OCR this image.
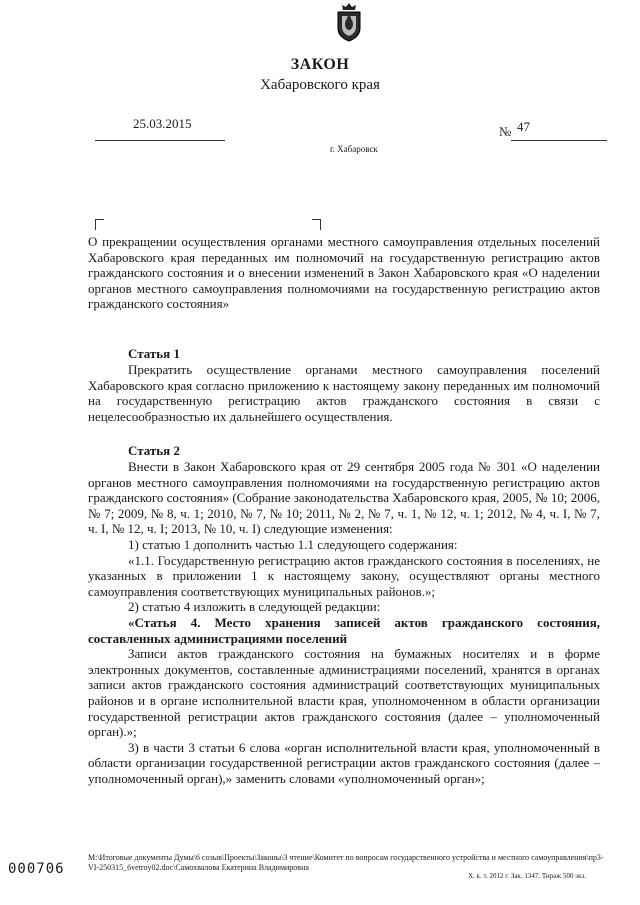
ЗАКОН
Хабаровского края
25.03.2015
№ 47
г. Хабаровск
О прекращении осуществления органами местного самоуправления отдельных поселений Хабаровского края переданных им полномочий на государственную регистрацию актов гражданского состояния и о внесении изменений в Закон Хабаровского края «О наделении органов местного самоуправления полномочиями на государственную регистрацию актов гражданского состояния»
Статья 1
Прекратить осуществление органами местного самоуправления поселений Хабаровского края согласно приложению к настоящему закону переданных им полномочий на государственную регистрацию актов гражданского состояния в связи с нецелесообразностью их дальнейшего осуществления.
Статья 2
Внести в Закон Хабаровского края от 29 сентября 2005 года № 301 «О наделении органов местного самоуправления полномочиями на государственную регистрацию актов гражданского состояния» (Собрание законодательства Хабаровского края, 2005, № 10; 2006, № 7; 2009, № 8, ч. 1; 2010, № 7, № 10; 2011, № 2, № 7, ч. 1, № 12, ч. 1; 2012, № 4, ч. I, № 7, ч. I, № 12, ч. I; 2013, № 10, ч. I) следующие изменения:
1) статью 1 дополнить частью 1.1 следующего содержания:
«1.1. Государственную регистрацию актов гражданского состояния в поселениях, не указанных в приложении 1 к настоящему закону, осуществляют органы местного самоуправления соответствующих муниципальных районов.»;
2) статью 4 изложить в следующей редакции:
«Статья 4. Место хранения записей актов гражданского состояния, составленных администрациями поселений
Записи актов гражданского состояния на бумажных носителях и в форме электронных документов, составленные администрациями поселений, хранятся в органах записи актов гражданского состояния администраций соответствующих муниципальных районов и в органе исполнительной власти края, уполномоченном в области организации государственной регистрации актов гражданского состояния (далее – уполномоченный орган).»;
3) в части 3 статьи 6 слова «орган исполнительной власти края, уполномоченный в области организации государственной регистрации актов гражданского состояния (далее – уполномоченный орган),» заменить словами «уполномоченный орган»;
M:\Итоговые документы Думы\6 созыв\Проекты\Законы\3 чтение\Комитет по вопросам государственного устройства и местного самоуправления\пр3-VI-250315_6vetroy02.doc\Самохвалова Екатерина Владимировна
000706	Х. к. т. 2012 г. Зак. 1347. Тираж 500 экз.
